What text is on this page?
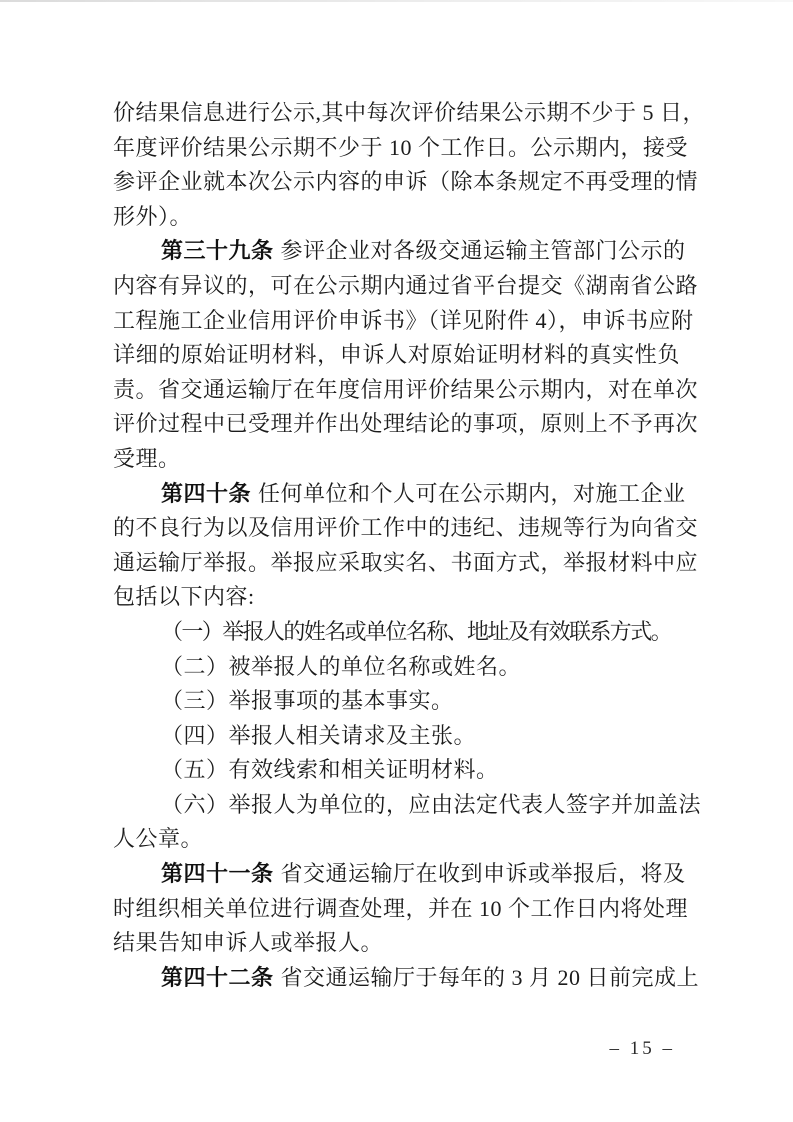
价结果信息进行公示,其中每次评价结果公示期不少于 5 日，
年度评价结果公示期不少于 10 个工作日。公示期内，接受
参评企业就本次公示内容的申诉（除本条规定不再受理的情
形外）。
第三十九条 参评企业对各级交通运输主管部门公示的
内容有异议的，可在公示期内通过省平台提交《湖南省公路
工程施工企业信用评价申诉书》（详见附件 4），申诉书应附
详细的原始证明材料，申诉人对原始证明材料的真实性负
责。省交通运输厅在年度信用评价结果公示期内，对在单次
评价过程中已受理并作出处理结论的事项，原则上不予再次
受理。
第四十条 任何单位和个人可在公示期内，对施工企业
的不良行为以及信用评价工作中的违纪、违规等行为向省交
通运输厅举报。举报应采取实名、书面方式，举报材料中应
包括以下内容:
（一）举报人的姓名或单位名称、地址及有效联系方式。
（二）被举报人的单位名称或姓名。
（三）举报事项的基本事实。
（四）举报人相关请求及主张。
（五）有效线索和相关证明材料。
（六）举报人为单位的，应由法定代表人签字并加盖法
人公章。
第四十一条 省交通运输厅在收到申诉或举报后，将及
时组织相关单位进行调查处理，并在 10 个工作日内将处理
结果告知申诉人或举报人。
第四十二条 省交通运输厅于每年的 3 月 20 日前完成上
– 15 –
